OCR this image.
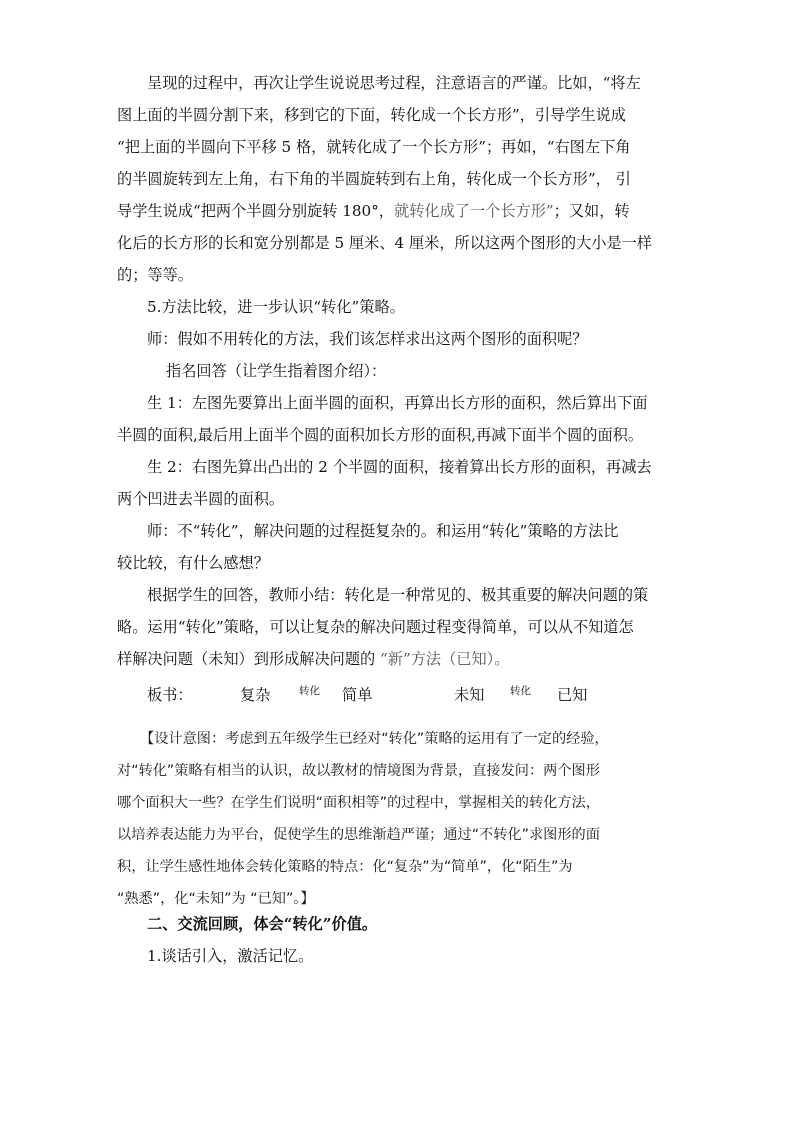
呈现的过程中，再次让学生说说思考过程，注意语言的严谨。比如，“将左
图上面的半圆分割下来，移到它的下面，转化成一个长方形”，引导学生说成
“把上面的半圆向下平移 5 格，就转化成了一个长方形”；再如，“右图左下角
的半圆旋转到左上角，右下角的半圆旋转到右上角，转化成一个长方形”， 引
导学生说成“把两个半圆分别旋转 180°，就转化成了一个长方形”；又如，转
化后的长方形的长和宽分别都是 5 厘米、4 厘米，所以这两个图形的大小是一样
的；等等。
5.方法比较，进一步认识“转化”策略。
师：假如不用转化的方法，我们该怎样求出这两个图形的面积呢？
指名回答（让学生指着图介绍）：
生 1：左图先要算出上面半圆的面积，再算出长方形的面积，然后算出下面
半圆的面积,最后用上面半个圆的面积加长方形的面积,再减下面半个圆的面积。
生 2：右图先算出凸出的 2 个半圆的面积，接着算出长方形的面积，再减去
两个凹进去半圆的面积。
师：不“转化”，解决问题的过程挺复杂的。和运用“转化”策略的方法比
较比较，有什么感想？
根据学生的回答，教师小结：转化是一种常见的、极其重要的解决问题的策
略。运用“转化”策略，可以让复杂的解决问题过程变得简单，可以从不知道怎
样解决问题（未知）到形成解决问题的 “新”方法（已知）。
板书：	复杂	转化 简单	未知 转化 已知
【设计意图：考虑到五年级学生已经对“转化”策略的运用有了一定的经验，
对“转化”策略有相当的认识，故以教材的情境图为背景，直接发问：两个图形
哪个面积大一些？在学生们说明“面积相等”的过程中，掌握相关的转化方法，
以培养表达能力为平台，促使学生的思维渐趋严谨；通过“不转化”求图形的面
积，让学生感性地体会转化策略的特点：化“复杂”为“简单”，化“陌生”为
“熟悉”，化“未知”为 “已知”。】
二、交流回顾，体会“转化”价值。
1.谈话引入，激活记忆。
